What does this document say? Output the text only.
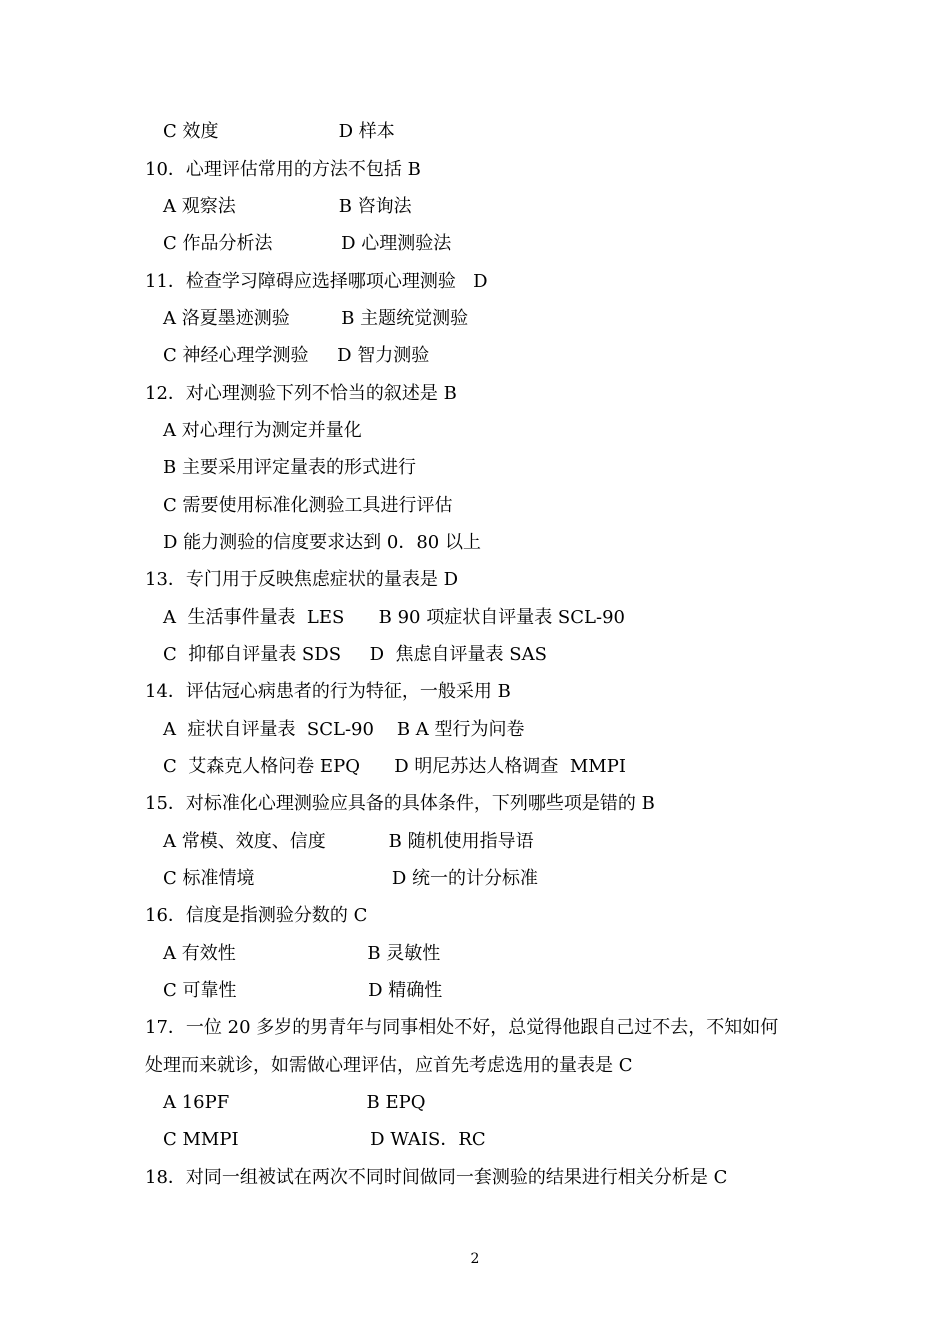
C 效度                     D 样本
10．心理评估常用的方法不包括 B
A 观察法                  B 咨询法
C 作品分析法            D 心理测验法
11．检查学习障碍应选择哪项心理测验   D
A 洛夏墨迹测验         B 主题统觉测验
C 神经心理学测验     D 智力测验
12．对心理测验下列不恰当的叙述是 B
A 对心理行为测定并量化
B 主要采用评定量表的形式进行
C 需要使用标准化测验工具进行评估
D 能力测验的信度要求达到 0．80 以上
13．专门用于反映焦虑症状的量表是 D
A  生活事件量表  LES      B 90 项症状自评量表 SCL-90
C  抑郁自评量表 SDS     D  焦虑自评量表 SAS
14．评估冠心病患者的行为特征，一般采用 B
A  症状自评量表  SCL-90    B A 型行为问卷
C  艾森克人格问卷 EPQ      D 明尼苏达人格调查  MMPI
15．对标准化心理测验应具备的具体条件，下列哪些项是错的 B
A 常模、效度、信度           B 随机使用指导语
C 标准情境                        D 统一的计分标准
16．信度是指测验分数的 C
A 有效性                       B 灵敏性
C 可靠性                       D 精确性
17．一位 20 多岁的男青年与同事相处不好，总觉得他跟自己过不去，不知如何
处理而来就诊，如需做心理评估，应首先考虑选用的量表是 C
A 16PF                        B EPQ
C MMPI                       D WAIS．RC
18．对同一组被试在两次不同时间做同一套测验的结果进行相关分析是 C
2
